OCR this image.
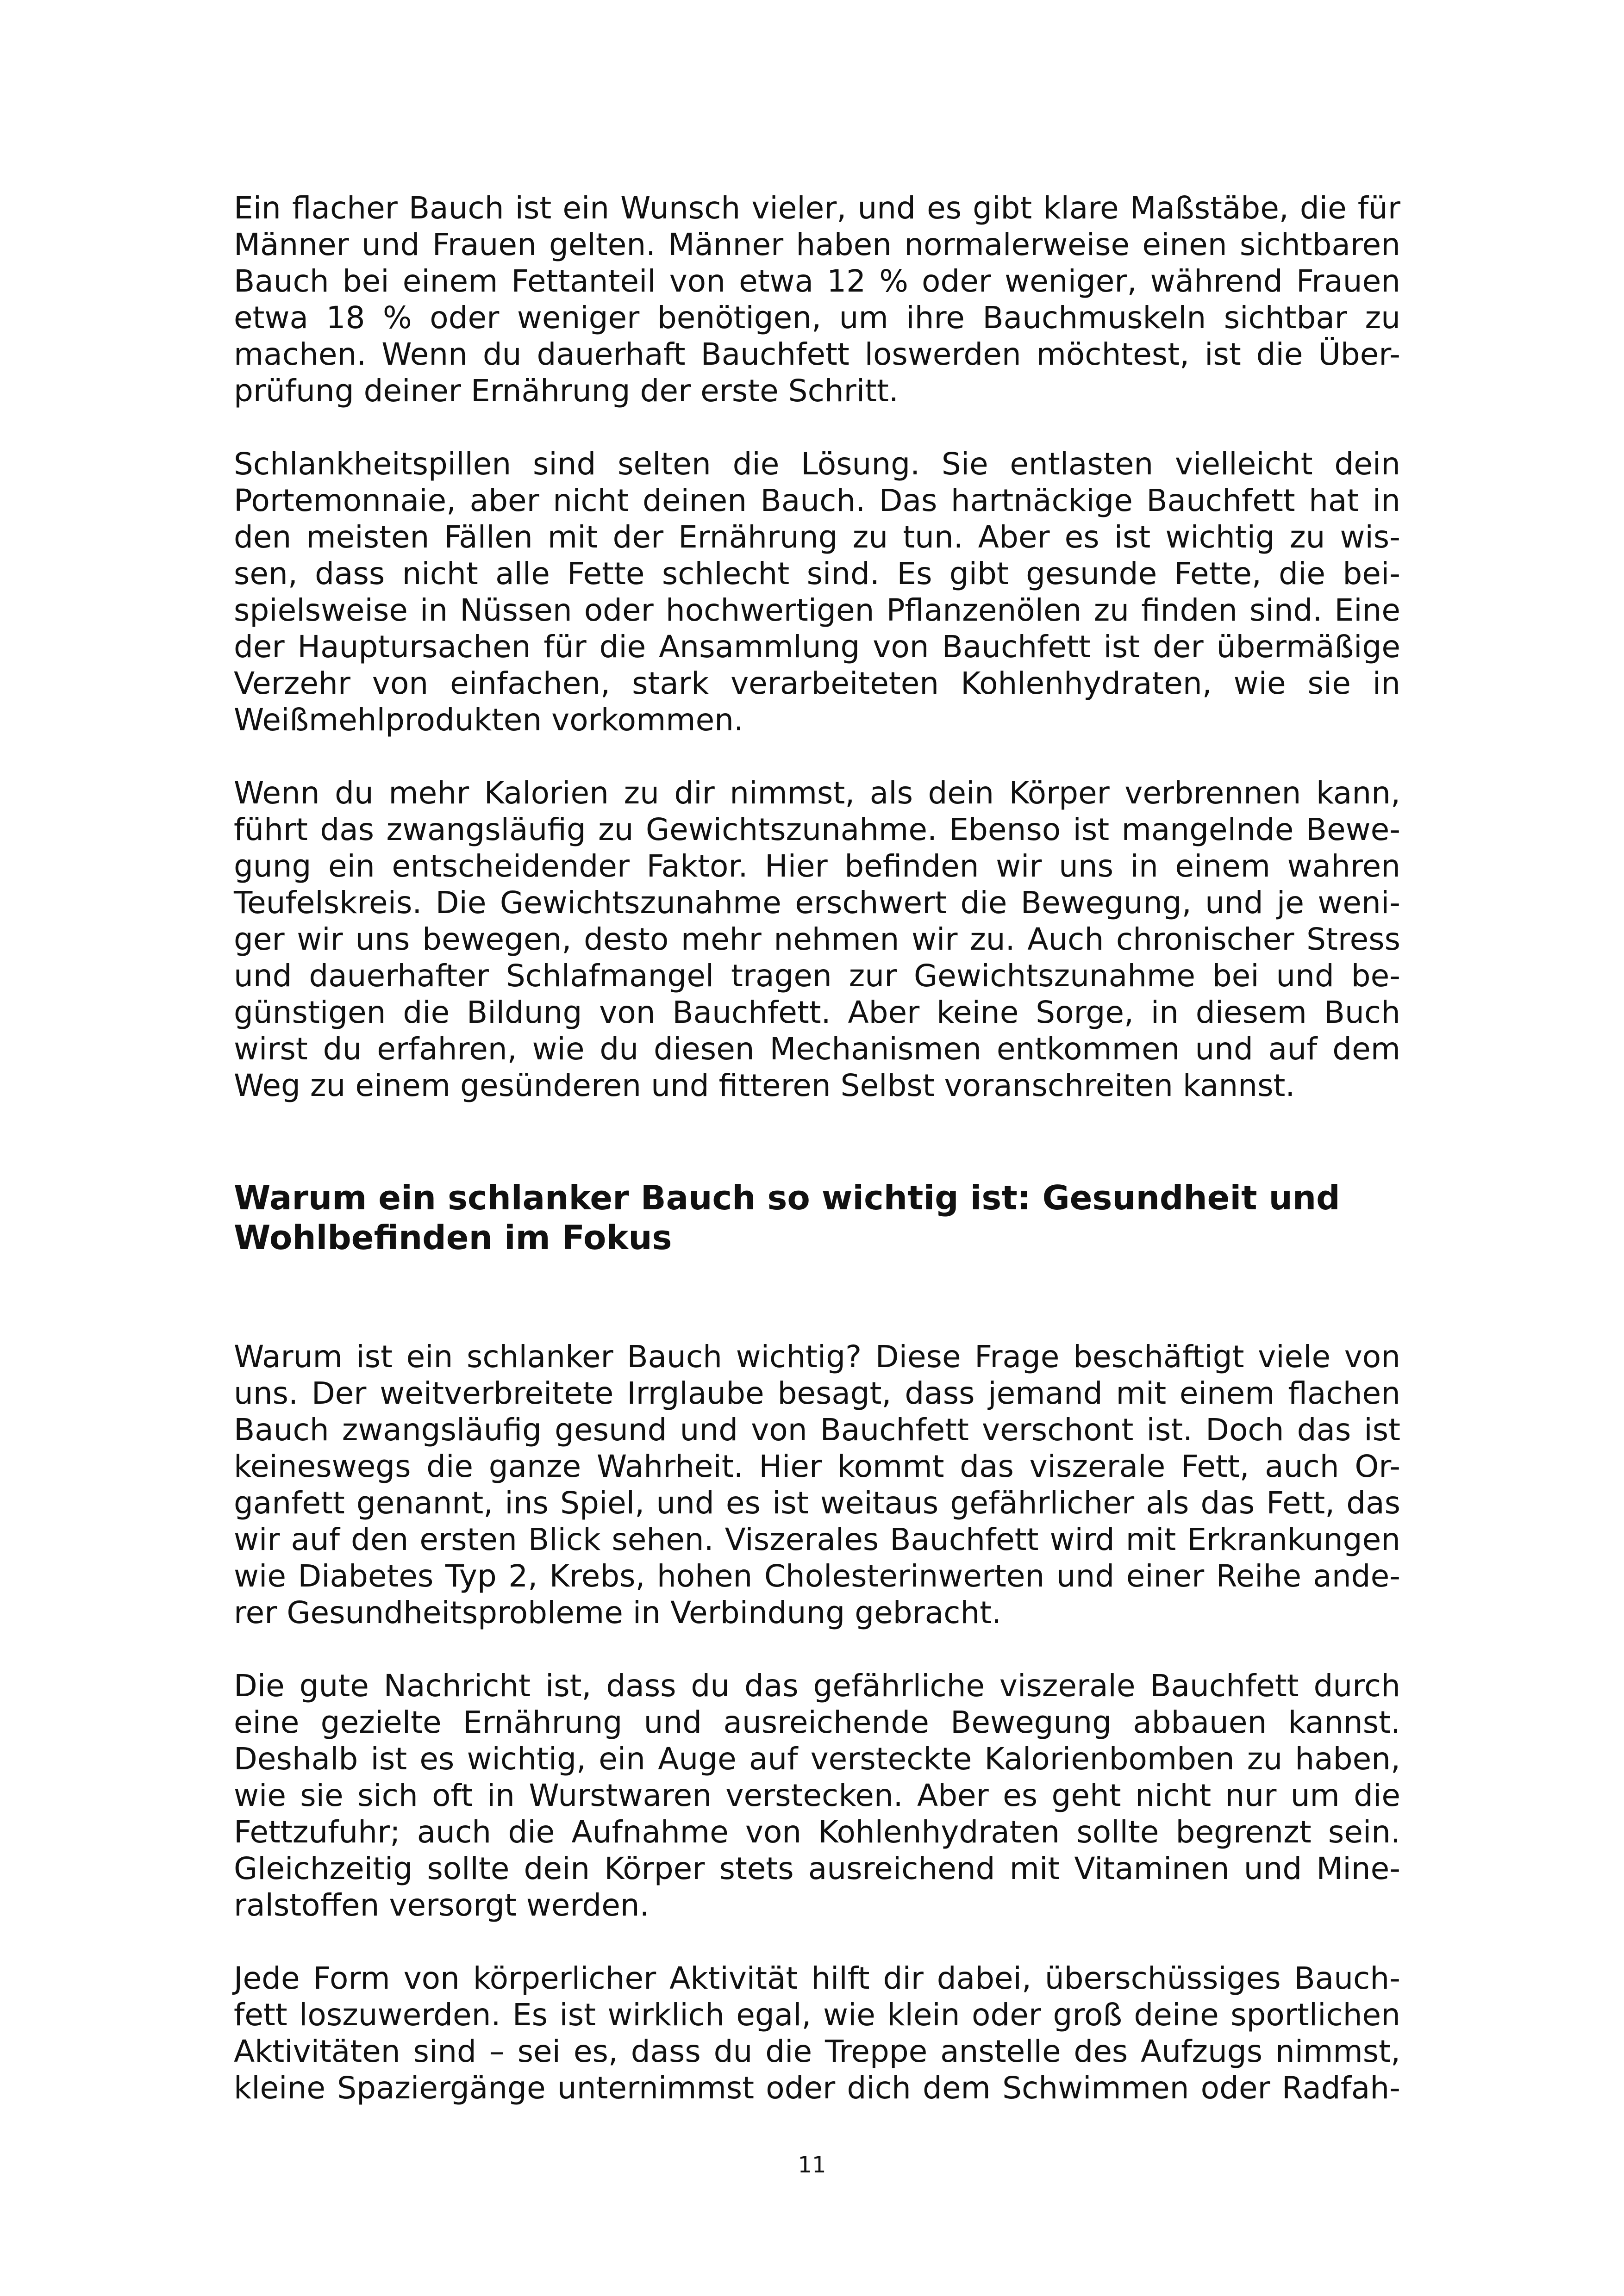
Ein flacher Bauch ist ein Wunsch vieler, und es gibt klare Maßstäbe, die für
Männer und Frauen gelten. Männer haben normalerweise einen sichtbaren
Bauch bei einem Fettanteil von etwa 12 % oder weniger, während Frauen
etwa 18 % oder weniger benötigen, um ihre Bauchmuskeln sichtbar zu
machen. Wenn du dauerhaft Bauchfett loswerden möchtest, ist die Über-
prüfung deiner Ernährung der erste Schritt.

Schlankheitspillen sind selten die Lösung. Sie entlasten vielleicht dein
Portemonnaie, aber nicht deinen Bauch. Das hartnäckige Bauchfett hat in
den meisten Fällen mit der Ernährung zu tun. Aber es ist wichtig zu wis-
sen, dass nicht alle Fette schlecht sind. Es gibt gesunde Fette, die bei-
spielsweise in Nüssen oder hochwertigen Pflanzenölen zu finden sind. Eine
der Hauptursachen für die Ansammlung von Bauchfett ist der übermäßige
Verzehr von einfachen, stark verarbeiteten Kohlenhydraten, wie sie in
Weißmehlprodukten vorkommen.

Wenn du mehr Kalorien zu dir nimmst, als dein Körper verbrennen kann,
führt das zwangsläufig zu Gewichtszunahme. Ebenso ist mangelnde Bewe-
gung ein entscheidender Faktor. Hier befinden wir uns in einem wahren
Teufelskreis. Die Gewichtszunahme erschwert die Bewegung, und je weni-
ger wir uns bewegen, desto mehr nehmen wir zu. Auch chronischer Stress
und dauerhafter Schlafmangel tragen zur Gewichtszunahme bei und be-
günstigen die Bildung von Bauchfett. Aber keine Sorge, in diesem Buch
wirst du erfahren, wie du diesen Mechanismen entkommen und auf dem
Weg zu einem gesünderen und fitteren Selbst voranschreiten kannst.

Warum ein schlanker Bauch so wichtig ist: Gesundheit und
Wohlbefinden im Fokus

Warum ist ein schlanker Bauch wichtig? Diese Frage beschäftigt viele von
uns. Der weitverbreitete Irrglaube besagt, dass jemand mit einem flachen
Bauch zwangsläufig gesund und von Bauchfett verschont ist. Doch das ist
keineswegs die ganze Wahrheit. Hier kommt das viszerale Fett, auch Or-
ganfett genannt, ins Spiel, und es ist weitaus gefährlicher als das Fett, das
wir auf den ersten Blick sehen. Viszerales Bauchfett wird mit Erkrankungen
wie Diabetes Typ 2, Krebs, hohen Cholesterinwerten und einer Reihe ande-
rer Gesundheitsprobleme in Verbindung gebracht.

Die gute Nachricht ist, dass du das gefährliche viszerale Bauchfett durch
eine gezielte Ernährung und ausreichende Bewegung abbauen kannst.
Deshalb ist es wichtig, ein Auge auf versteckte Kalorienbomben zu haben,
wie sie sich oft in Wurstwaren verstecken. Aber es geht nicht nur um die
Fettzufuhr; auch die Aufnahme von Kohlenhydraten sollte begrenzt sein.
Gleichzeitig sollte dein Körper stets ausreichend mit Vitaminen und Mine-
ralstoffen versorgt werden.

Jede Form von körperlicher Aktivität hilft dir dabei, überschüssiges Bauch-
fett loszuwerden. Es ist wirklich egal, wie klein oder groß deine sportlichen
Aktivitäten sind – sei es, dass du die Treppe anstelle des Aufzugs nimmst,
kleine Spaziergänge unternimmst oder dich dem Schwimmen oder Radfah-

11
